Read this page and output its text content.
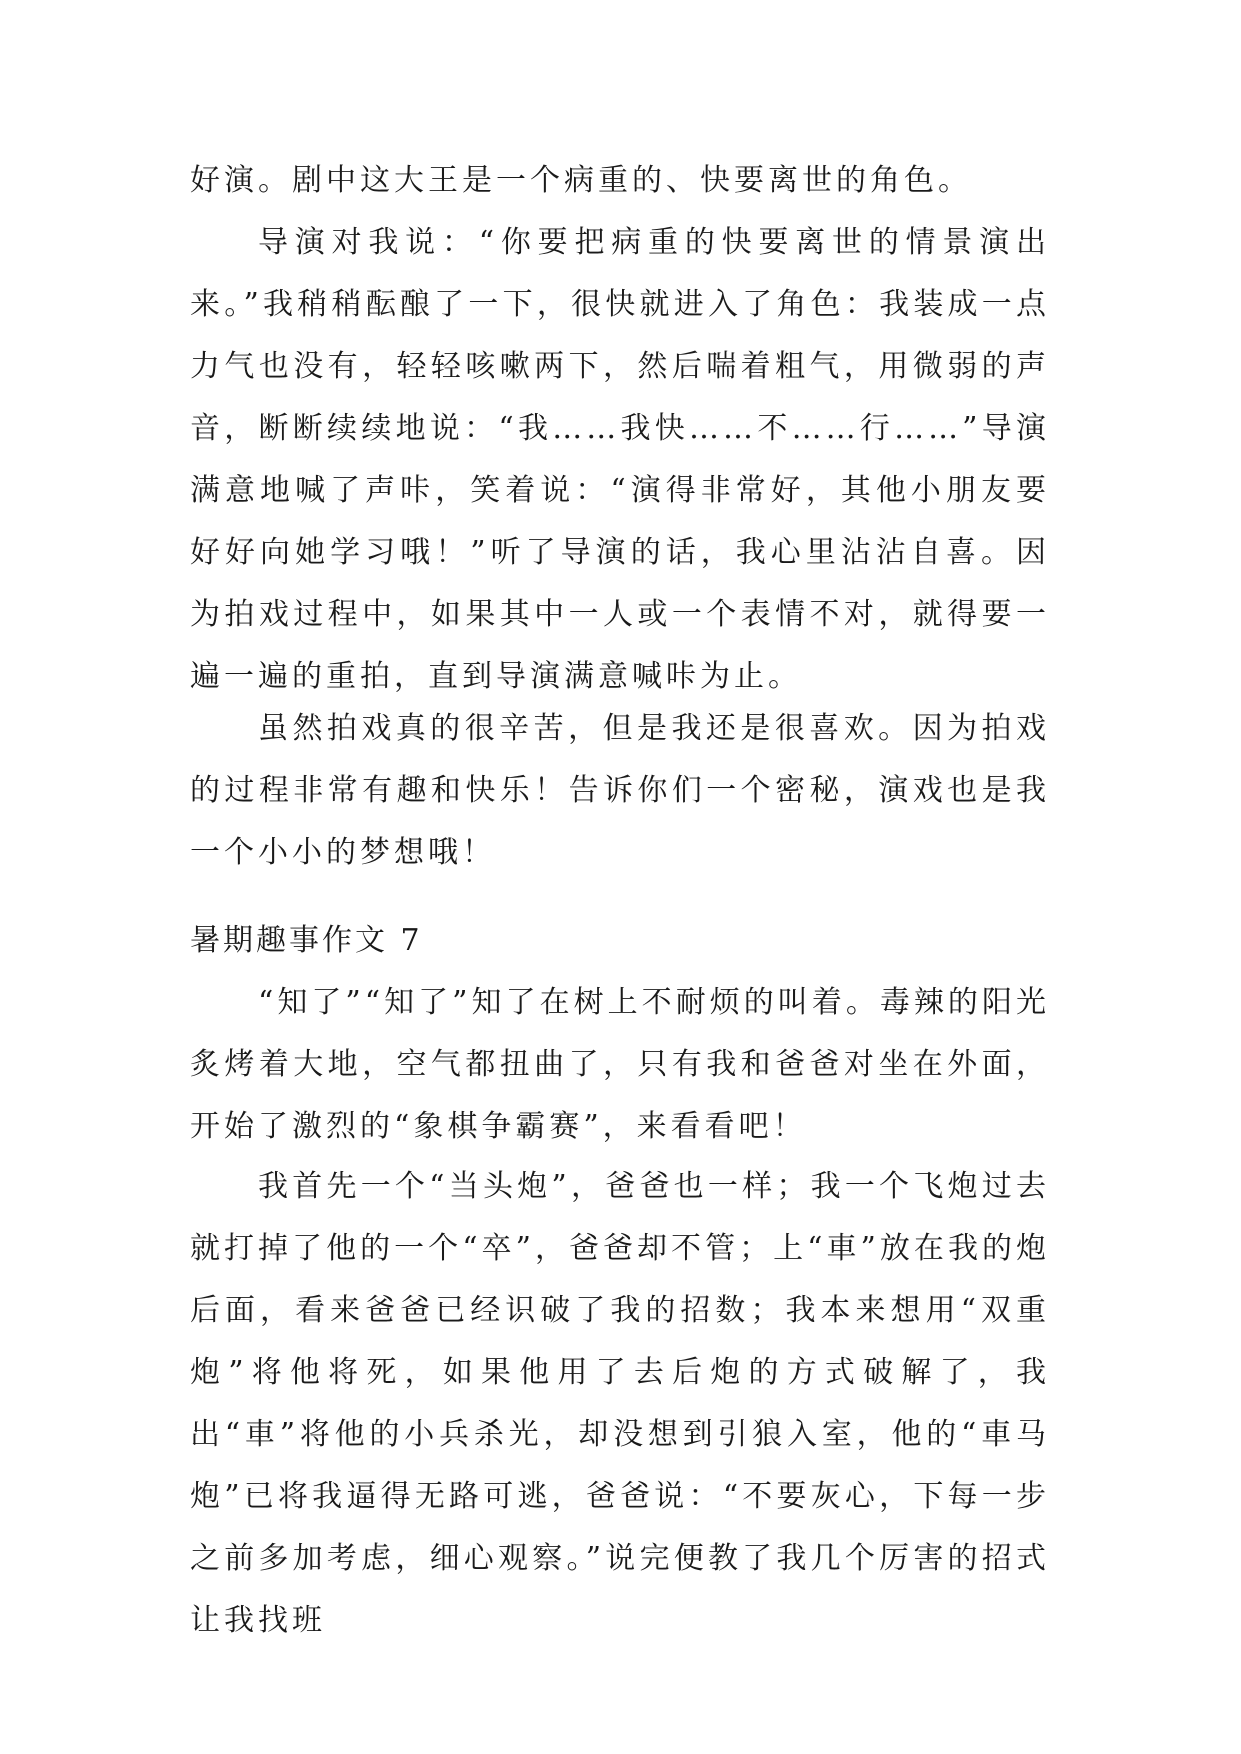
好演。剧中这大王是一个病重的、快要离世的角色。

导演对我说：“你要把病重的快要离世的情景演出来。”我稍稍酝酿了一下，很快就进入了角色：我装成一点力气也没有，轻轻咳嗽两下，然后喘着粗气，用微弱的声音，断断续续地说：“我……我快……不……行……”导演满意地喊了声咔，笑着说：“演得非常好，其他小朋友要好好向她学习哦！”听了导演的话，我心里沾沾自喜。因为拍戏过程中，如果其中一人或一个表情不对，就得要一遍一遍的重拍，直到导演满意喊咔为止。

虽然拍戏真的很辛苦，但是我还是很喜欢。因为拍戏的过程非常有趣和快乐！告诉你们一个密秘，演戏也是我一个小小的梦想哦！

暑期趣事作文 7

“知了”“知了”知了在树上不耐烦的叫着。毒辣的阳光炙烤着大地，空气都扭曲了，只有我和爸爸对坐在外面，开始了激烈的“象棋争霸赛”，来看看吧！

我首先一个“当头炮”，爸爸也一样；我一个飞炮过去就打掉了他的一个“卒”，爸爸却不管；上“車”放在我的炮后面，看来爸爸已经识破了我的招数；我本来想用“双重炮”将他将死，如果他用了去后炮的方式破解了，我出“車”将他的小兵杀光，却没想到引狼入室，他的“車马炮”已将我逼得无路可逃，爸爸说：“不要灰心，下每一步之前多加考虑，细心观察。”说完便教了我几个厉害的招式让我找班
